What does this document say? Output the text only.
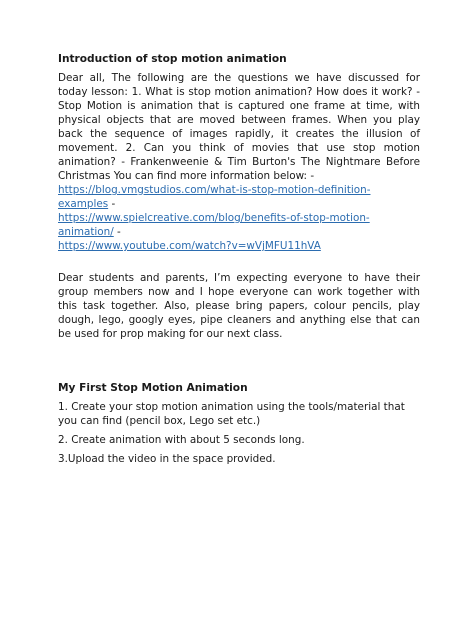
Introduction of stop motion animation

Dear all, The following are the questions we have discussed for today lesson: 1. What is stop motion animation? How does it work? -Stop Motion is animation that is captured one frame at time, with physical objects that are moved between frames. When you play back the sequence of images rapidly, it creates the illusion of movement. 2. Can you think of movies that use stop motion animation? - Frankenweenie & Tim Burton's The Nightmare Before Christmas You can find more information below: -
https://blog.vmgstudios.com/what-is-stop-motion-definition-examples -
https://www.spielcreative.com/blog/benefits-of-stop-motion-animation/ -
https://www.youtube.com/watch?v=wVjMFU11hVA

Dear students and parents, I’m expecting everyone to have their group members now and I hope everyone can work together with this task together. Also, please bring papers, colour pencils, play dough, lego, googly eyes, pipe cleaners and anything else that can be used for prop making for our next class.

My First Stop Motion Animation

1. Create your stop motion animation using the tools/material that you can find (pencil box, Lego set etc.)

2. Create animation with about 5 seconds long.

3.Upload the video in the space provided.
